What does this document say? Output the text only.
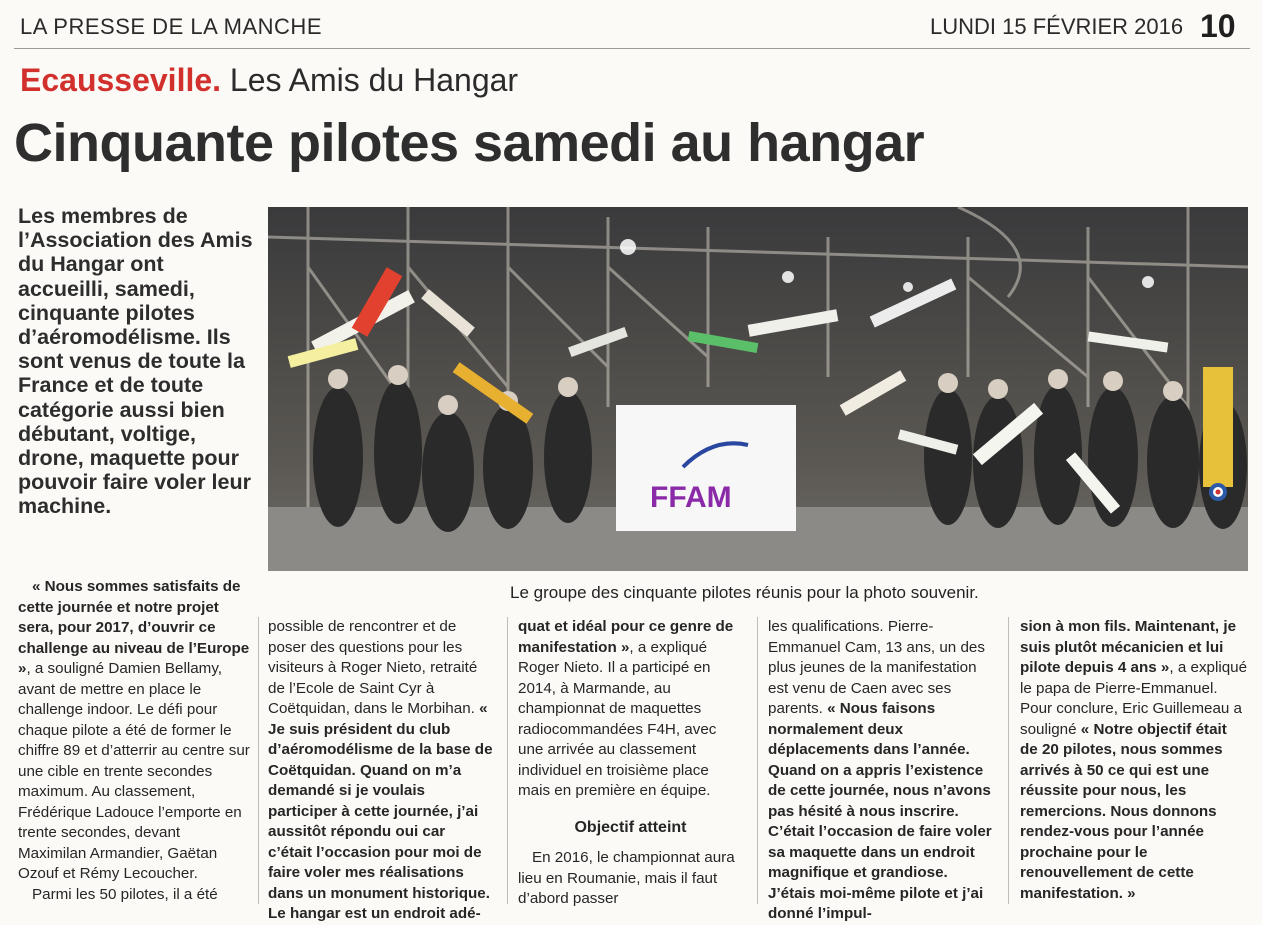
LA PRESSE DE LA MANCHE	LUNDI 15 FÉVRIER 2016 10
Ecausseville. Les Amis du Hangar
Cinquante pilotes samedi au hangar
Les membres de l’Association des Amis du Hangar ont accueilli, samedi, cinquante pilotes d’aéromodélisme. Ils sont venus de toute la France et de toute catégorie aussi bien débutant, voltige, drone, maquette pour pouvoir faire voler leur machine.	FFAM
Le groupe des cinquante pilotes réunis pour la photo souvenir.

« Nous sommes satisfaits de cette journée et notre projet sera, pour 2017, d’ouvrir ce challenge au niveau de l’Europe », a souligné Damien Bellamy, avant de mettre en place le challenge indoor. Le défi pour chaque pilote a été de former le chiffre 89 et d’atterrir au centre sur une cible en trente secondes maximum. Au classement, Frédérique Ladouce l’emporte en trente secondes, devant Maximilan Armandier, Gaëtan Ozouf et Rémy Lecoucher.

Parmi les 50 pilotes, il a été

possible de rencontrer et de poser des questions pour les visiteurs à Roger Nieto, retraité de l’Ecole de Saint Cyr à Coëtquidan, dans le Morbihan. « Je suis président du club d’aéromodélisme de la base de Coëtquidan. Quand on m’a demandé si je voulais participer à cette journée, j’ai aussitôt répondu oui car c’était l’occasion pour moi de faire voler mes réalisations dans un monument historique. Le hangar est un endroit adé-

quat et idéal pour ce genre de manifestation », a expliqué Roger Nieto. Il a participé en 2014, à Marmande, au championnat de maquettes radiocommandées F4H, avec une arrivée au classement individuel en troisième place mais en première en équipe.

Objectif atteint

En 2016, le championnat aura lieu en Roumanie, mais il faut d’abord passer

les qualifications. Pierre-Emmanuel Cam, 13 ans, un des plus jeunes de la manifestation est venu de Caen avec ses parents. « Nous faisons normalement deux déplacements dans l’année. Quand on a appris l’existence de cette journée, nous n’avons pas hésité à nous inscrire. C’était l’occasion de faire voler sa maquette dans un endroit magnifique et grandiose. J’étais moi-même pilote et j’ai donné l’impul-

sion à mon fils. Maintenant, je suis plutôt mécanicien et lui pilote depuis 4 ans », a expliqué le papa de Pierre-Emmanuel. Pour conclure, Eric Guillemeau a souligné « Notre objectif était de 20 pilotes, nous sommes arrivés à 50 ce qui est une réussite pour nous, les remercions. Nous donnons rendez-vous pour l’année prochaine pour le renouvellement de cette manifestation. »
